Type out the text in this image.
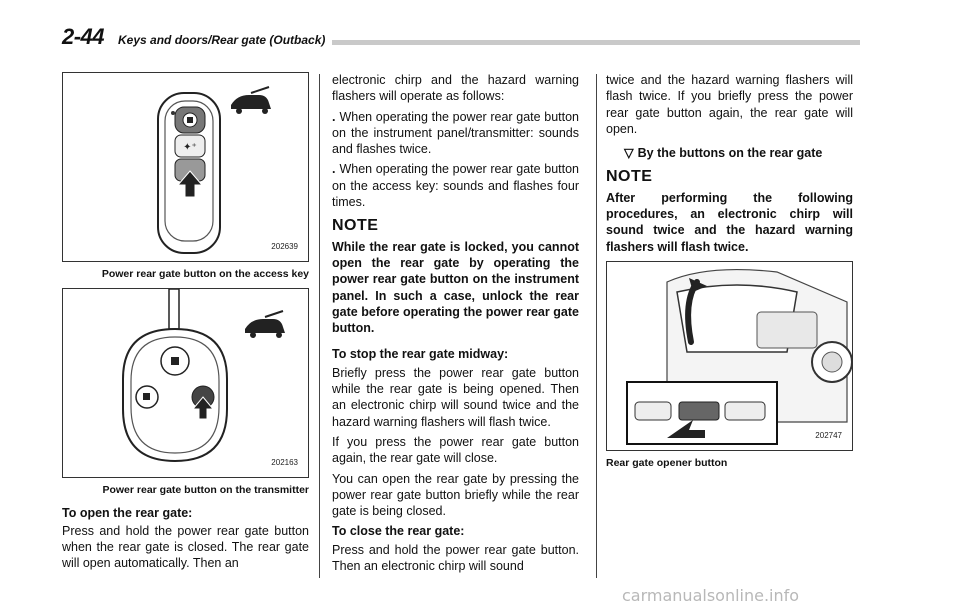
2-44 Keys and doors/Rear gate (Outback)
✦⁺
202639
Power rear gate button on the access key
202163
Power rear gate button on the transmitter

To open the rear gate:

Press and hold the power rear gate button when the rear gate is closed. The rear gate will open automatically. Then an

electronic chirp and the hazard warning flashers will operate as follows:

. When operating the power rear gate button on the instrument panel/transmitter: sounds and flashes twice.

. When operating the power rear gate button on the access key: sounds and flashes four times.

NOTE

While the rear gate is locked, you cannot open the rear gate by operating the power rear gate button on the instrument panel. In such a case, unlock the rear gate before operating the power rear gate button.

To stop the rear gate midway:

Briefly press the power rear gate button while the rear gate is being opened. Then an electronic chirp will sound twice and the hazard warning flashers will flash twice.

If you press the power rear gate button again, the rear gate will close.

You can open the rear gate by pressing the power rear gate button briefly while the rear gate is being closed.

To close the rear gate:

Press and hold the power rear gate button. Then an electronic chirp will sound

twice and the hazard warning flashers will flash twice. If you briefly press the power rear gate button again, the rear gate will open.

▽ By the buttons on the rear gate

NOTE

After performing the following procedures, an electronic chirp will sound twice and the hazard warning flashers will flash twice.

202747
Rear gate opener button
carmanualsonline.info
